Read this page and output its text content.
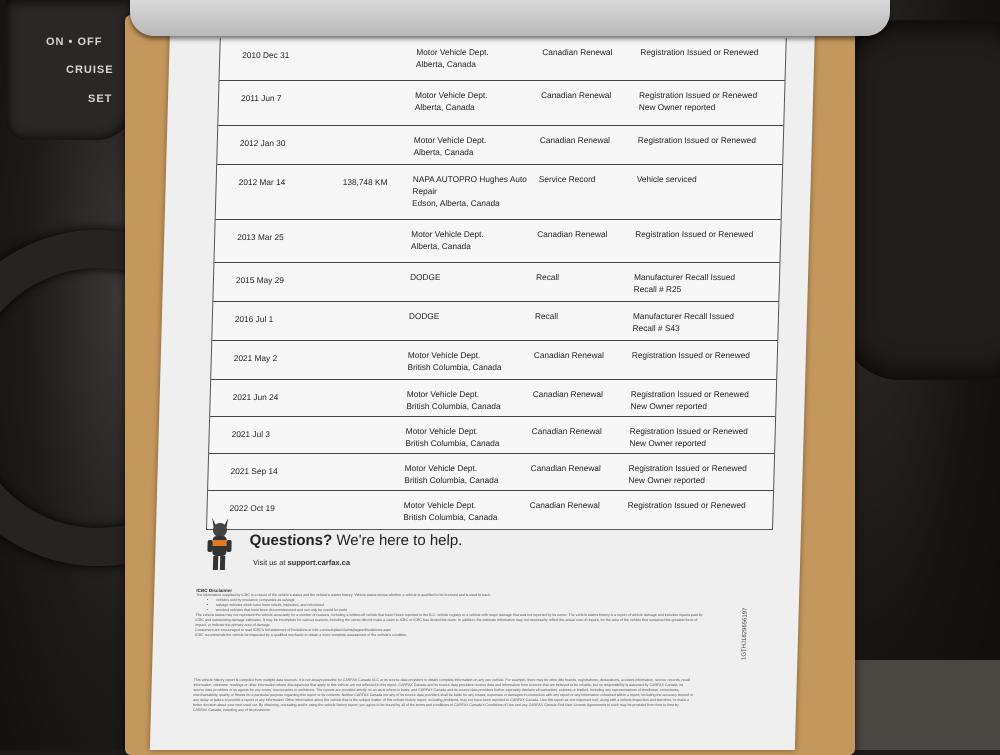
ON • OFF
CRUISE
SET
2010 Dec 31	Motor Vehicle Dept.
Alberta, Canada
Canadian Renewal	Registration Issued or Renewed
2011 Jun 7	Motor Vehicle Dept.
Alberta, Canada
Canadian Renewal	Registration Issued or Renewed
New Owner reported
2012 Jan 30	Motor Vehicle Dept.
Alberta, Canada
Canadian Renewal	Registration Issued or Renewed
2012 Mar 14	138,748 KM	NAPA AUTOPRO Hughes Auto
Repair
Edson, Alberta, Canada
Service Record	Vehicle serviced
2013 Mar 25	Motor Vehicle Dept.
Alberta, Canada
Canadian Renewal	Registration Issued or Renewed
2015 May 29	DODGE	Recall	Manufacturer Recall Issued
Recall # R25
2016 Jul 1	DODGE	Recall	Manufacturer Recall Issued
Recall # S43
2021 May 2	Motor Vehicle Dept.
British Columbia, Canada
Canadian Renewal	Registration Issued or Renewed
2021 Jun 24	Motor Vehicle Dept.
British Columbia, Canada
Canadian Renewal	Registration Issued or Renewed
New Owner reported
2021 Jul 3	Motor Vehicle Dept.
British Columbia, Canada
Canadian Renewal	Registration Issued or Renewed
New Owner reported
2021 Sep 14	Motor Vehicle Dept.
British Columbia, Canada
Canadian Renewal	Registration Issued or Renewed
New Owner reported
2022 Oct 19	Motor Vehicle Dept.
British Columbia, Canada
Canadian Renewal	Registration Issued or Renewed
Questions? We're here to help.
Visit us at support.carfax.ca
ICBC Disclaimer
The information supplied by ICBC is a report of the vehicle's status and the vehicle's claims history. Vehicle status shows whether a vehicle is qualified to be licensed and is used to track:
• vehicles sold by insurance companies as salvage
• salvage vehicles which have been rebuilt, inspected, and relicensed
• wrecked vehicles that have been decommissioned and can only be resold for parts
The vehicle status may not represent the vehicle accurately for a number of reasons, including a written-off vehicle that hasn't been reported to the B.C. vehicle registry or a vehicle with major damage that was not reported by its owner. The vehicle claims history is a report of vehicle damage and includes repairs paid by ICBC and outstanding damage estimates. It may be incomplete for various reasons, including the owner did not make a claim to ICBC or ICBC has denied the claim. In addition, the estimate information may not necessarily reflect the actual cost of repairs, for the area of the vehicle that sustained the greatest force of impact, or indicate the primary area of damage.
Consumers are encouraged to read ICBC's full statement of limitations at icbc.com/autoplan/claims/pages/disclaimers.aspx
ICBC recommends the vehicle be inspected by a qualified mechanic to obtain a more complete assessment of the vehicle's condition.
This vehicle history report is compiled from multiple data sources. It is not always possible for CARFAX Canada ULC or its source data providers to obtain complete information on any one vehicle. For example, there may be other title brands, registrations, declarations, accident information, service records, recall information, odometer readings or other information where discrepancies that apply to this vehicle are not reflected in this report. CARFAX Canada and its source data providers receive data and information from sources that are believed to be reliable, but no responsibility is assumed by CARFAX Canada, its source data providers or its agents for any errors, inaccuracies or omissions. The reports are provided strictly on an as-is where-is basis, and CARFAX Canada and its source data providers further expressly disclaim all warranties, express or implied, including any representations of timeliness, correctness, merchantability, quality or fitness for a particular purpose regarding this report or its contents. Neither CARFAX Canada nor any of its source data providers shall be liable for any losses, expenses or damages in connection with any report or any information contained within a report, including the accuracy thereof or any delay or failure to provide a report or any information. Other information about the vehicle that is the subject matter of this vehicle history report, including problems, may not have been reported to CARFAX Canada. Use this report as one important tool, along with a vehicle inspection and test drive, to make a better decision about your next used car. By obtaining, recreating and/or using the vehicle history report, you agree to be bound by all of the terms and conditions of CARFAX Canada's Conditions of Use and any CARFAX Canada End User License Agreements to such may be provided from time to time by CARFAX Canada, including any of its provisions.
1GTHJ1829656197
